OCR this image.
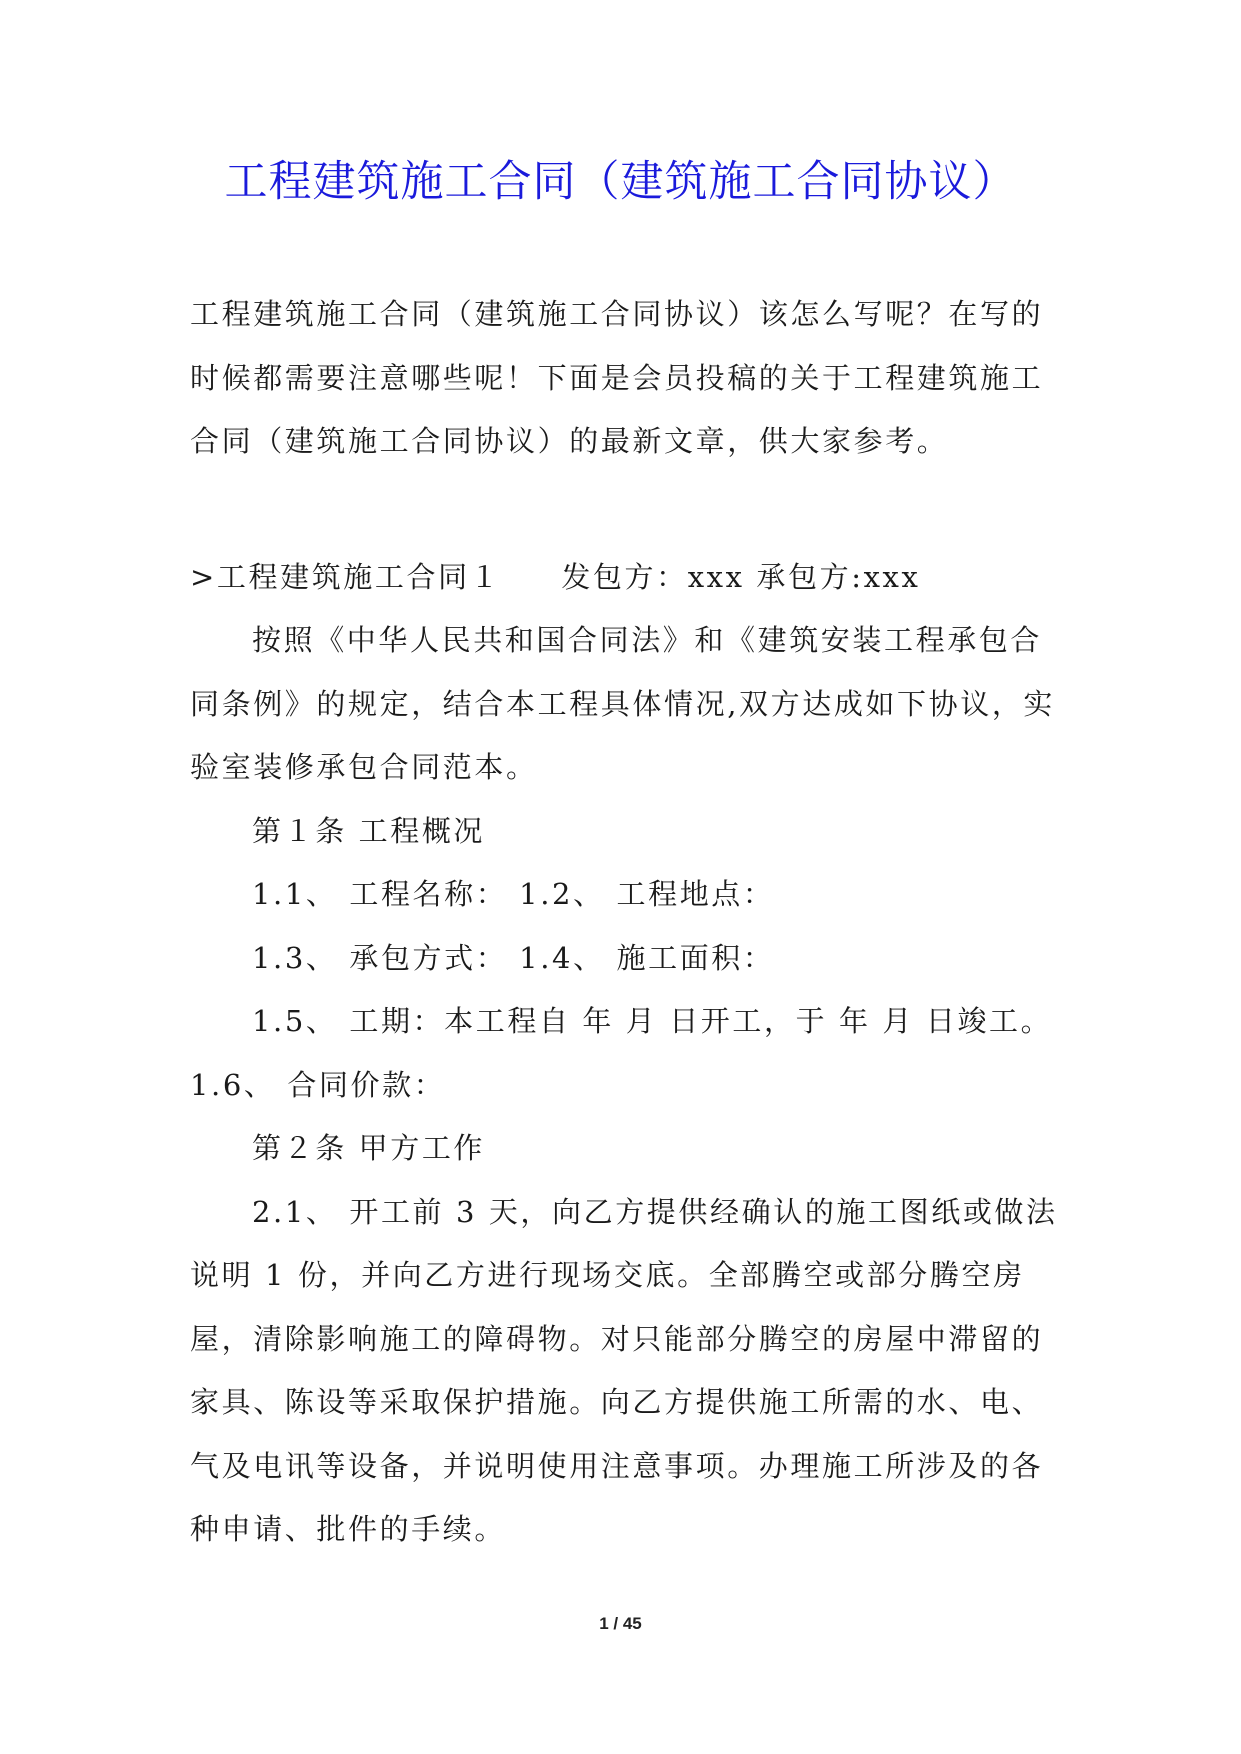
工程建筑施工合同（建筑施工合同协议）

工程建筑施工合同（建筑施工合同协议）该怎么写呢？在写的时候都需要注意哪些呢！下面是会员投稿的关于工程建筑施工合同（建筑施工合同协议）的最新文章，供大家参考。

>工程建筑施工合同１ 发包方：xxx 承包方:xxx

按照《中华人民共和国合同法》和《建筑安装工程承包合同条例》的规定，结合本工程具体情况,双方达成如下协议，实验室装修承包合同范本。

第１条 工程概况

1.1、 工程名称： 1.2、 工程地点：

1.3、 承包方式： 1.4、 施工面积：

1.5、 工期：本工程自 年 月 日开工，于 年 月 日竣工。1.6、 合同价款：

第２条 甲方工作

2.1、 开工前 3 天，向乙方提供经确认的施工图纸或做法说明 1 份，并向乙方进行现场交底。全部腾空或部分腾空房屋，清除影响施工的障碍物。对只能部分腾空的房屋中滞留的家具、陈设等采取保护措施。向乙方提供施工所需的水、电、气及电讯等设备，并说明使用注意事项。办理施工所涉及的各种申请、批件的手续。

1 / 45
